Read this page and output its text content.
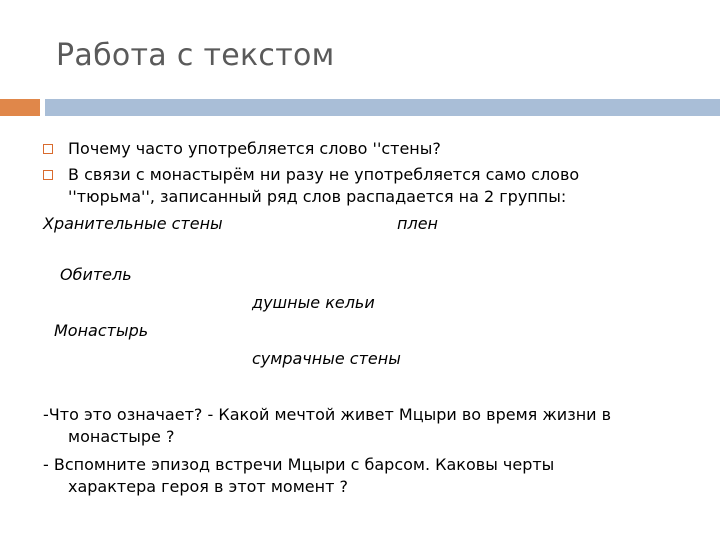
Работа с текстом
Почему часто употребляется слово ''стены?
В связи с монастырём ни разу не употребляется само слово
''тюрьма'', записанный ряд слов распадается на 2 группы:
Хранительные стены	плен
Обитель
душные кельи
Монастырь
сумрачные стены
-Что это означает? - Какой мечтой живет Мцыри во время жизни в
монастыре ?
- Вспомните эпизод встречи Мцыри с барсом. Каковы черты
характера героя в этот момент ?
